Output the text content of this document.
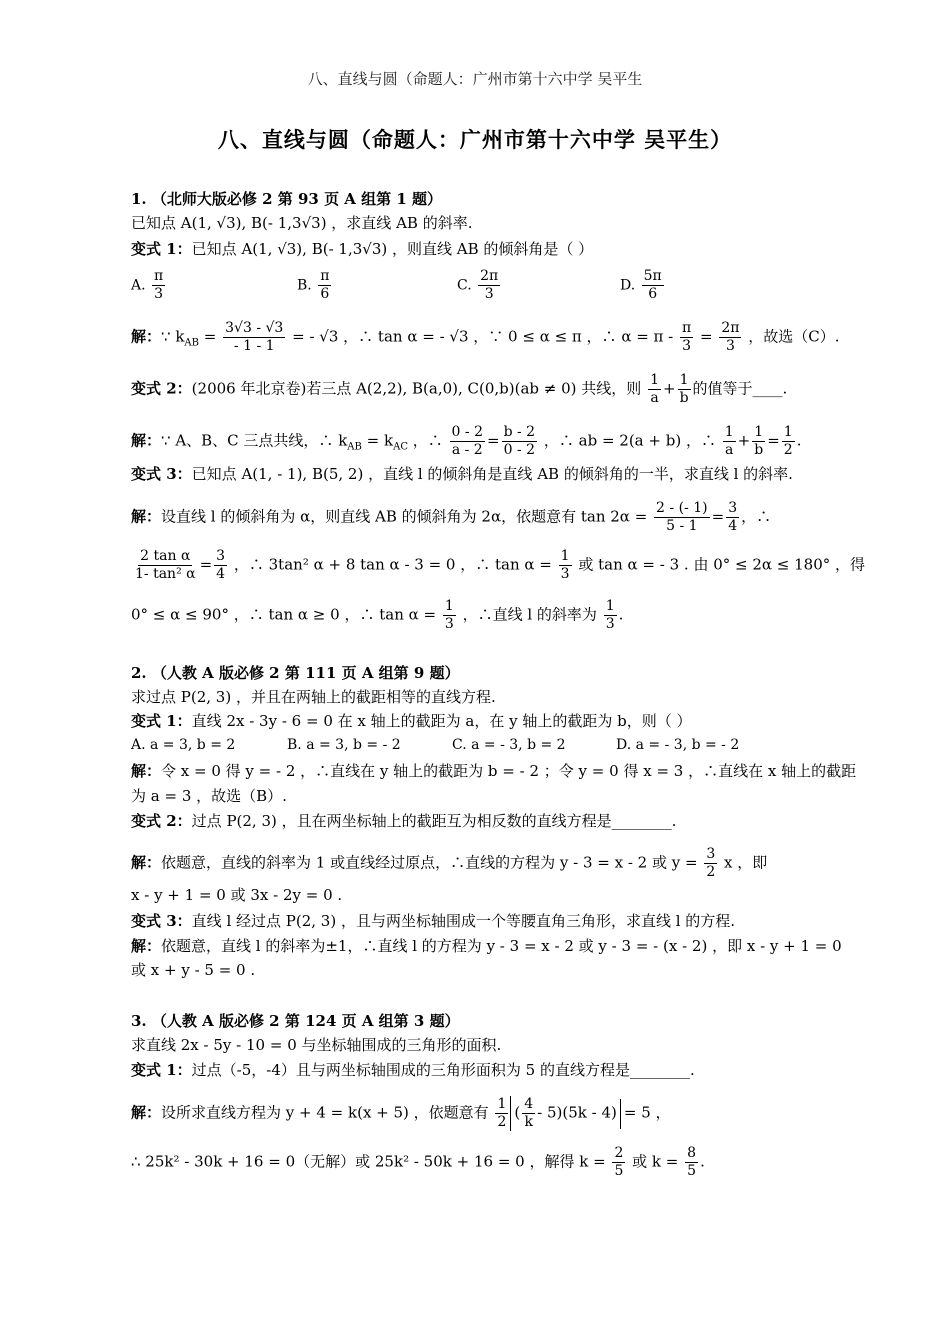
八、直线与圆（命题人：广州市第十六中学 吴平生
八、直线与圆（命题人：广州市第十六中学 吴平生）
1. （北师大版必修 2 第 93 页 A 组第 1 题）
已知点 A(1, √3), B(- 1,3√3) ，求直线 AB 的斜率.
变式 1：已知点 A(1, √3), B(- 1,3√3) ，则直线 AB 的倾斜角是（ ）
A. $\frac{\pi}{3}$	B. $\frac{\pi}{6}$	C. $\frac{2\pi}{3}$	D. $\frac{5\pi}{6}$
解：∵ $k_{AB} = \frac{3√3 - √3}{- 1 - 1}$ = - √3 ，∴ tan α = - √3 ，∵ 0 ≤ α ≤ π ，∴ $\alpha = \pi - \frac{\pi}{3} = \frac{2\pi}{3}$ ，故选（C）.
变式 2：(2006 年北京卷)若三点 A(2,2), B(a,0), C(0,b)(ab ≠ 0) 共线，则 $\frac{1}{a} + \frac{1}{b}$ 的值等于____.
解：∵ A、B、C 三点共线，∴ $k_{AB} = k_{AC}$ ，∴ $\frac{0 - 2}{a - 2} = \frac{b - 2}{0 - 2}$ ，∴ ab = 2(a + b) ，∴ $\frac{1}{a} + \frac{1}{b} = \frac{1}{2}$ .
变式 3：已知点 A(1, - 1), B(5, 2) ，直线 l 的倾斜角是直线 AB 的倾斜角的一半，求直线 l 的斜率.
解：设直线 l 的倾斜角为 α，则直线 AB 的倾斜角为 2α，依题意有 $\tan 2\alpha = \frac{2 - (- 1)}{5 - 1} = \frac{3}{4}$ ，∴
$\frac{\text{2 tan α}}{\text{1- tan² α}} = \frac{3}{4}$ ，∴ 3tan² α + 8 tan α - 3 = 0 ，∴ $\tan \alpha = \frac{1}{3}$ 或 tan α = - 3 . 由 0° ≤ 2α ≤ 180° ，得
0° ≤ α ≤ 90° ，∴ tan α ≥ 0 ，∴ $\tan \alpha = \frac{1}{3}$ ，∴直线 l 的斜率为 $\frac{1}{3}$ .
2. （人教 A 版必修 2 第 111 页 A 组第 9 题）
求过点 P(2, 3) ，并且在两轴上的截距相等的直线方程.
变式 1：直线 2x - 3y - 6 = 0 在 x 轴上的截距为 a，在 y 轴上的截距为 b，则（ ）
A. a = 3, b = 2	B. a = 3, b = - 2	C. a = - 3, b = 2	D. a = - 3, b = - 2
解：令 x = 0 得 y = - 2 ，∴直线在 y 轴上的截距为 b = - 2 ；令 y = 0 得 x = 3 ，∴直线在 x 轴上的截距
为 a = 3 ，故选（B）.
变式 2：过点 P(2, 3) ，且在两坐标轴上的截距互为相反数的直线方程是________.
解：依题意，直线的斜率为 1 或直线经过原点，∴直线的方程为 y - 3 = x - 2 或 $y = \frac{3}{2}$ x ，即
x - y + 1 = 0 或 3x - 2y = 0 .
变式 3：直线 l 经过点 P(2, 3) ，且与两坐标轴围成一个等腰直角三角形，求直线 l 的方程.
解：依题意，直线 l 的斜率为±1，∴直线 l 的方程为 y - 3 = x - 2 或 y - 3 = - (x - 2) ，即 x - y + 1 = 0
或 x + y - 5 = 0 .
3. （人教 A 版必修 2 第 124 页 A 组第 3 题）
求直线 2x - 5y - 10 = 0 与坐标轴围成的三角形的面积.
变式 1：过点（-5，-4）且与两坐标轴围成的三角形面积为 5 的直线方程是________.
解：设所求直线方程为 y + 4 = k(x + 5) ，依题意有 $\frac{1}{2}$ ( $\frac{4}{k} - 5)(5k - 4) = 5$ ，
∴ 25k² - 30k + 16 = 0（无解）或 25k² - 50k + 16 = 0 ，解得 $k = \frac{2}{5}$ 或 $k = \frac{8}{5}$ .
